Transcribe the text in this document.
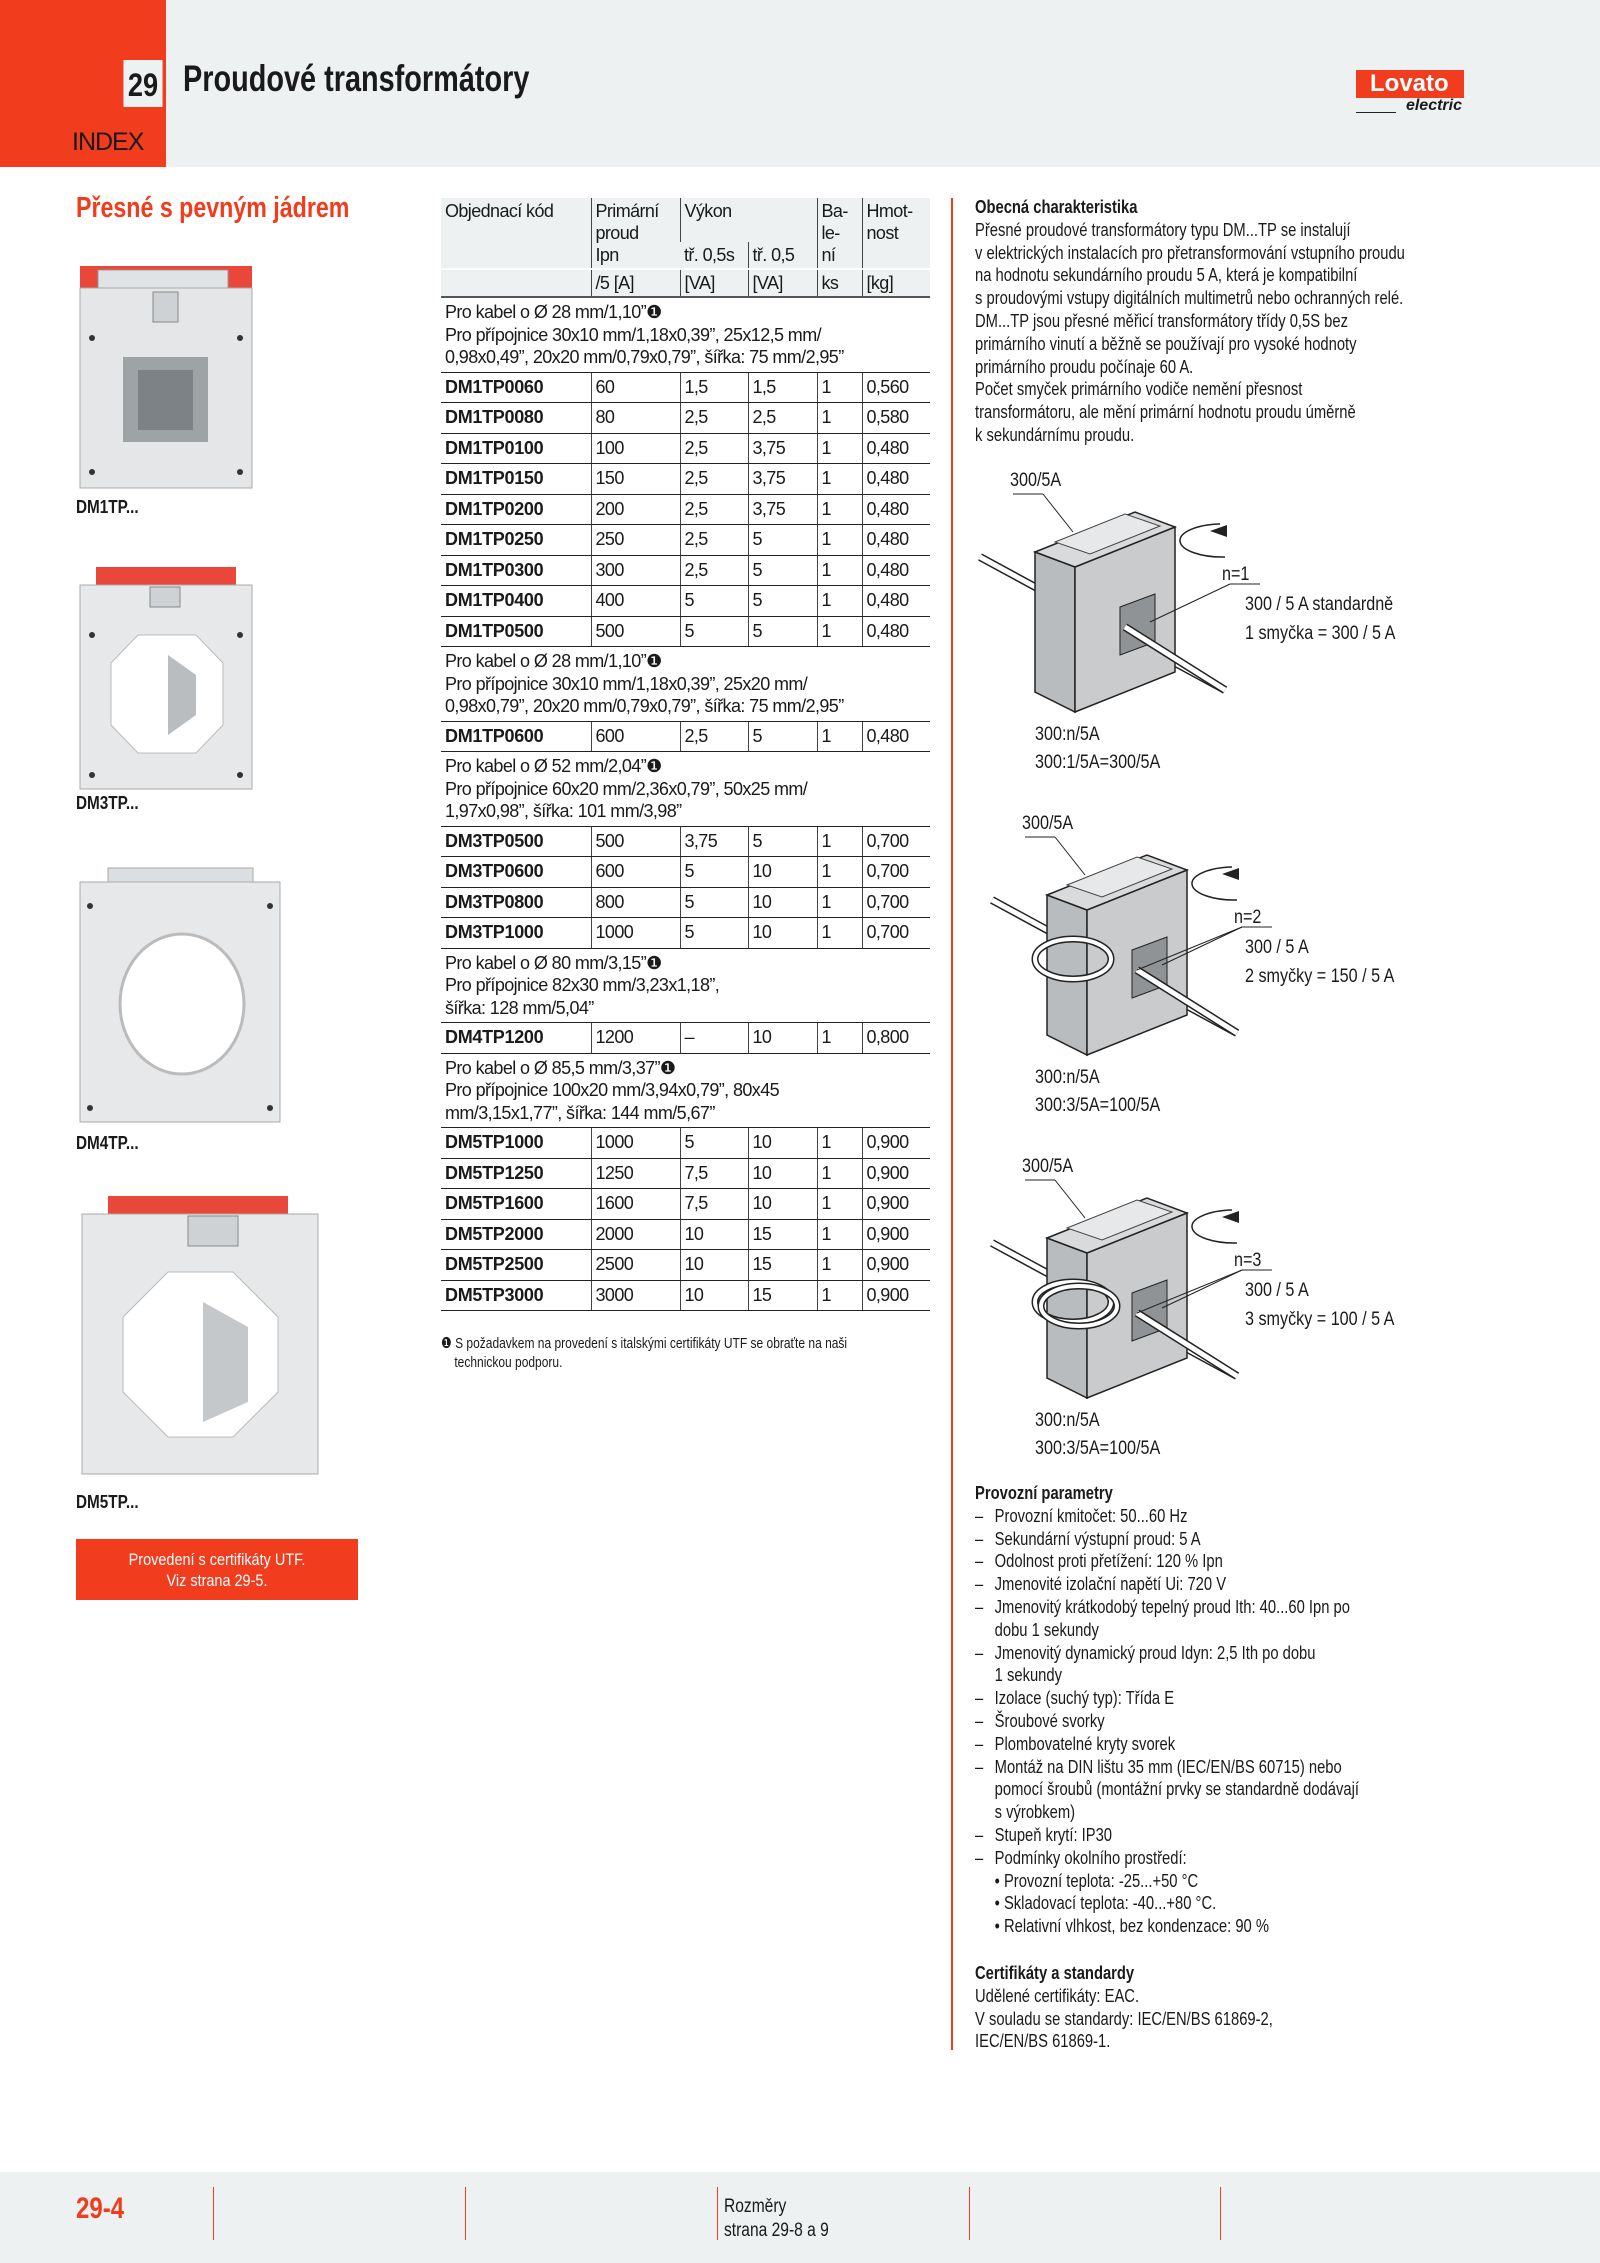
29
INDEX
Proudové transformátory	Lovato
electric
Přesné s pevným jádrem
DM1TP...
DM3TP...
DM4TP...
DM5TP...
Provedení s certifikáty UTF.
Viz strana 29-5.
Objednací kód	Primární
proud
Ipn	Výkon		Ba-
le-
ní	Hmot-
nost
		tř. 0,5s	tř. 0,5		
	/5 [A]	[VA]	[VA]	ks	[kg]

Pro kabel o Ø 28 mm/1,10”❶
Pro přípojnice 30x10 mm/1,18x0,39”, 25x12,5 mm/
0,98x0,49”, 20x20 mm/0,79x0,79”, šířka: 75 mm/2,95”					

DM1TP0060	60	1,5	1,5	1	0,560
DM1TP0080	80	2,5	2,5	1	0,580
DM1TP0100	100	2,5	3,75	1	0,480
DM1TP0150	150	2,5	3,75	1	0,480
DM1TP0200	200	2,5	3,75	1	0,480
DM1TP0250	250	2,5	5	1	0,480
DM1TP0300	300	2,5	5	1	0,480
DM1TP0400	400	5	5	1	0,480
DM1TP0500	500	5	5	1	0,480

Pro kabel o Ø 28 mm/1,10”❶
Pro přípojnice 30x10 mm/1,18x0,39”, 25x20 mm/
0,98x0,79”, 20x20 mm/0,79x0,79”, šířka: 75 mm/2,95”					

DM1TP0600	600	2,5	5	1	0,480

Pro kabel o Ø 52 mm/2,04”❶
Pro přípojnice 60x20 mm/2,36x0,79”, 50x25 mm/
1,97x0,98”, šířka: 101 mm/3,98”					

DM3TP0500	500	3,75	5	1	0,700
DM3TP0600	600	5	10	1	0,700
DM3TP0800	800	5	10	1	0,700
DM3TP1000	1000	5	10	1	0,700

Pro kabel o Ø 80 mm/3,15”❶
Pro přípojnice 82x30 mm/3,23x1,18”,
šířka: 128 mm/5,04”					

DM4TP1200	1200	–	10	1	0,800

Pro kabel o Ø 85,5 mm/3,37”❶
Pro přípojnice 100x20 mm/3,94x0,79”, 80x45
mm/3,15x1,77”, šířka: 144 mm/5,67”					

DM5TP1000	1000	5	10	1	0,900
DM5TP1250	1250	7,5	10	1	0,900
DM5TP1600	1600	7,5	10	1	0,900
DM5TP2000	2000	10	15	1	0,900
DM5TP2500	2500	10	15	1	0,900
DM5TP3000	3000	10	15	1	0,900
❶ S požadavkem na provedení s italskými certifikáty UTF se obraťte na naši
technickou podporu.
Obecná charakteristika
Přesné proudové transformátory typu DM...TP se instalují
v elektrických instalacích pro přetransformování vstupního proudu
na hodnotu sekundárního proudu 5 A, která je kompatibilní
s proudovými vstupy digitálních multimetrů nebo ochranných relé.
DM...TP jsou přesné měřicí transformátory třídy 0,5S bez
primárního vinutí a běžně se používají pro vysoké hodnoty
primárního proudu počínaje 60 A.
Počet smyček primárního vodiče nemění přesnost
transformátoru, ale mění primární hodnotu proudu úměrně
k sekundárnímu proudu.
300/5A
n=1
300 / 5 A standardně
1 smyčka = 300 / 5 A
300:n/5A
300:1/5A=300/5A
300/5A
n=2
300 / 5 A
2 smyčky = 150 / 5 A
300:n/5A
300:3/5A=100/5A
300/5A
n=3
300 / 5 A
3 smyčky = 100 / 5 A
300:n/5A
300:3/5A=100/5A
Provozní parametry
– Provozní kmitočet: 50...60 Hz
– Sekundární výstupní proud: 5 A
– Odolnost proti přetížení: 120 % Ipn
– Jmenovité izolační napětí Ui: 720 V
– Jmenovitý krátkodobý tepelný proud Ith: 40...60 Ipn po
dobu 1 sekundy
– Jmenovitý dynamický proud Idyn: 2,5 Ith po dobu
1 sekundy
– Izolace (suchý typ): Třída E
– Šroubové svorky
– Plombovatelné kryty svorek
– Montáž na DIN lištu 35 mm (IEC/EN/BS 60715) nebo
pomocí šroubů (montážní prvky se standardně dodávají
s výrobkem)
– Stupeň krytí: IP30
– Podmínky okolního prostředí:
• Provozní teplota: -25...+50 °C
• Skladovací teplota: -40...+80 °C.
• Relativní vlhkost, bez kondenzace: 90 %
Certifikáty a standardy
Udělené certifikáty: EAC.
V souladu se standardy: IEC/EN/BS 61869-2,
IEC/EN/BS 61869-1.
29-4	Rozměry
strana 29-8 a 9
